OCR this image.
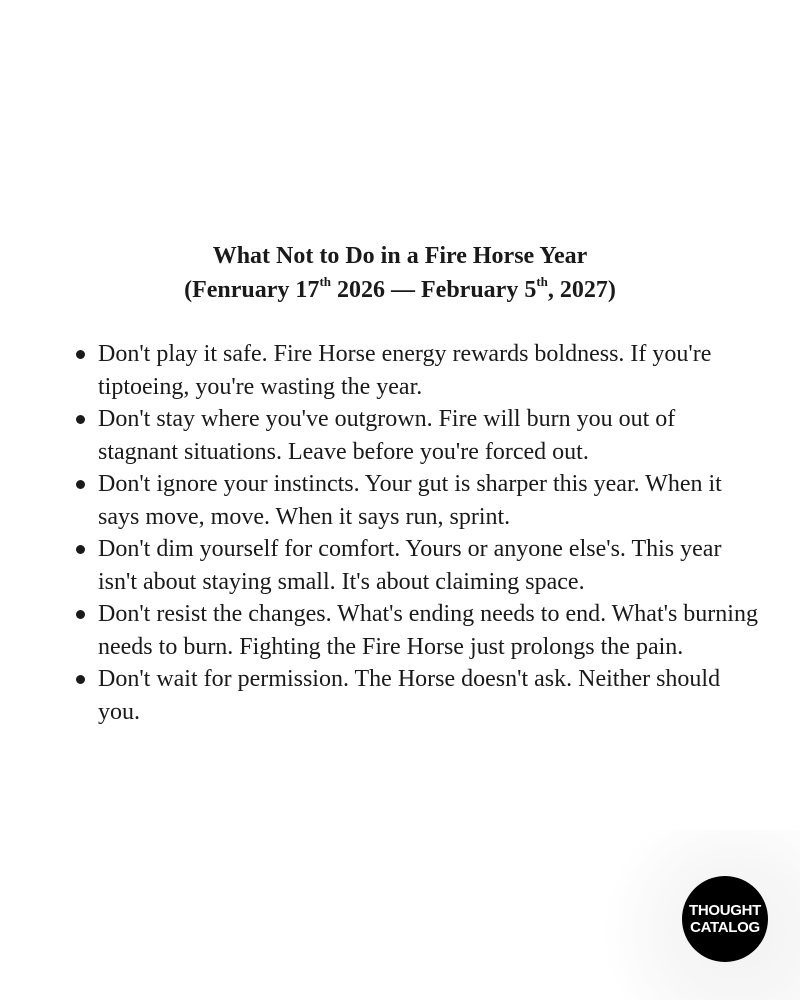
What Not to Do in a Fire Horse Year
(Fenruary 17th 2026 — February 5th, 2027)
Don't play it safe. Fire Horse energy rewards boldness. If you're tiptoeing, you're wasting the year.
Don't stay where you've outgrown. Fire will burn you out of stagnant situations. Leave before you're forced out.
Don't ignore your instincts. Your gut is sharper this year. When it says move, move. When it says run, sprint.
Don't dim yourself for comfort. Yours or anyone else's. This year isn't about staying small. It's about claiming space.
Don't resist the changes. What's ending needs to end. What's burning needs to burn. Fighting the Fire Horse just prolongs the pain.
Don't wait for permission. The Horse doesn't ask. Neither should you.
THOUGHT
CATALOG
